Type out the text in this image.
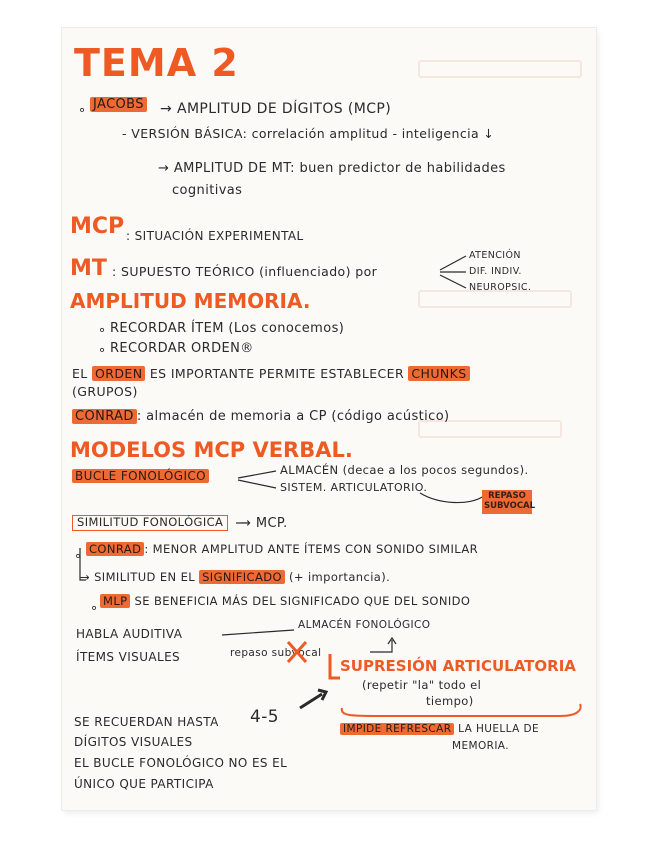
TEMA 2
∘ JACOBS → AMPLITUD DE DÍGITOS (MCP)
- VERSIÓN BÁSICA: correlación amplitud - inteligencia ↓
→ AMPLITUD DE MT: buen predictor de habilidades
cognitivas
MCP : SITUACIÓN EXPERIMENTAL
MT : SUPUESTO TEÓRICO (influenciado) por
ATENCIÓN
DIF. INDIV.
NEUROPSIC.
AMPLITUD MEMORIA.
∘ RECORDAR ÍTEM (Los conocemos)
∘ RECORDAR ORDEN®
EL ORDEN ES IMPORTANTE PERMITE ESTABLECER CHUNKS
(GRUPOS)
CONRAD : almacén de memoria a CP (código acústico)
MODELOS MCP VERBAL.
BUCLE FONOLÓGICO	ALMACÉN (decae a los pocos segundos).
SISTEM. ARTICULATORIO.
REPASO SUBVOCAL
SIMILITUD FONOLÓGICA	→ MCP.
∘ CONRAD : MENOR AMPLITUD ANTE ÍTEMS CON SONIDO SIMILAR
→ SIMILITUD EN EL SIGNIFICADO (+ importancia).
∘ MLP SE BENEFICIA MÁS DEL SIGNIFICADO QUE DEL SONIDO
HABLA AUDITIVA
ALMACÉN FONOLÓGICO
ÍTEMS VISUALES	repaso subvocal
SUPRESIÓN ARTICULATORIA
(repetir "la" todo el
tiempo)
IMPIDE REFRESCAR LA HUELLA DE
MEMORIA.
SE RECUERDAN HASTA 4-5
DÍGITOS VISUALES
EL BUCLE FONOLÓGICO NO ES EL
ÚNICO QUE PARTICIPA
